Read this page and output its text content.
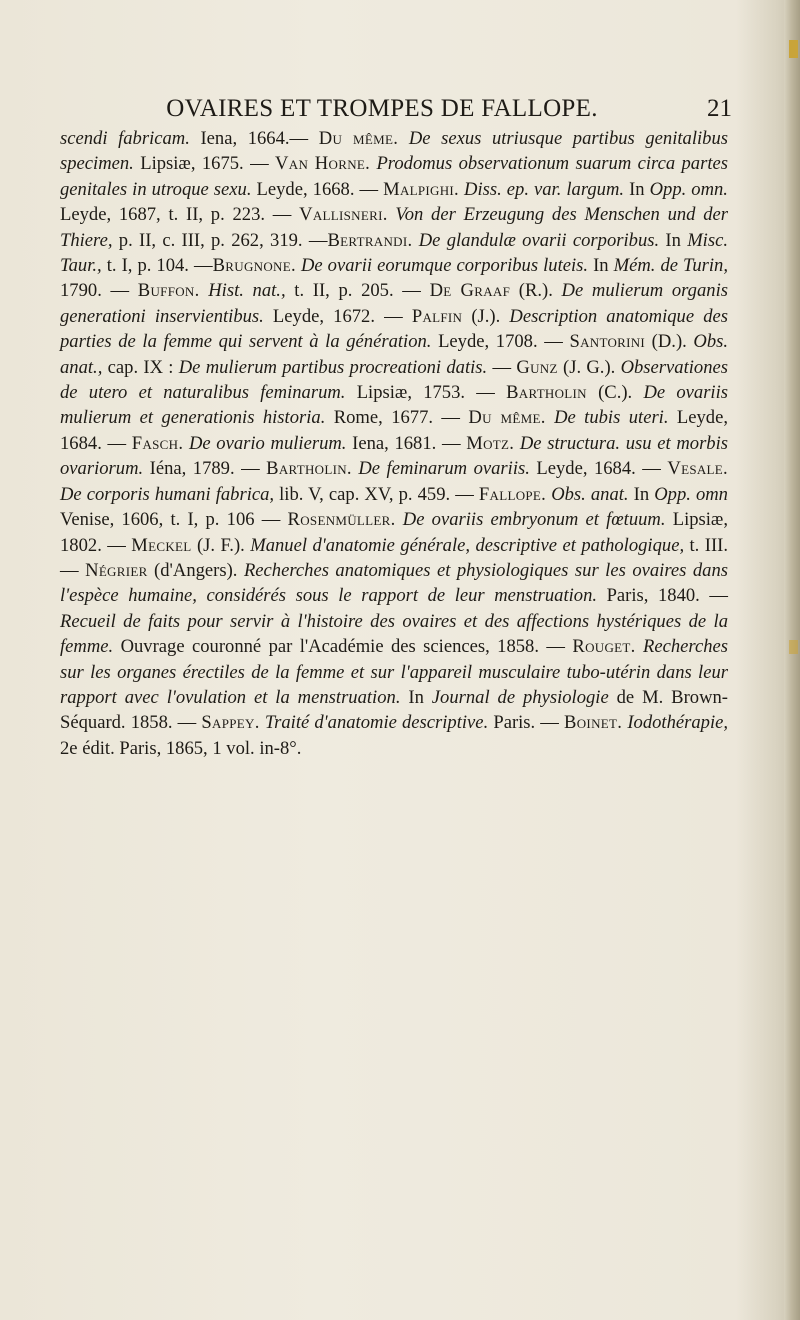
OVAIRES ET TROMPES DE FALLOPE.	21
scendi fabricam. Iena, 1664.— Du même. De sexus utriusque partibus genitalibus specimen. Lipsiæ, 1675. — Van Horne. Prodomus observationum suarum circa partes genitales in utroque sexu. Leyde, 1668. — Malpighi. Diss. ep. var. largum. In Opp. omn. Leyde, 1687, t. II, p. 223. — Vallisneri. Von der Erzeugung des Menschen und der Thiere, p. II, c. III, p. 262, 319. —Bertrandi. De glandulæ ovarii corporibus. In Misc. Taur., t. I, p. 104. —Brugnone. De ovarii eorumque corporibus luteis. In Mém. de Turin, 1790. — Buffon. Hist. nat., t. II, p. 205. — De Graaf (R.). De mulierum organis generationi inservientibus. Leyde, 1672. — Palfin (J.). Description anatomique des parties de la femme qui servent à la génération. Leyde, 1708. — Santorini (D.). Obs. anat., cap. IX : De mulierum partibus procreationi datis. — Gunz (J. G.). Observationes de utero et naturalibus feminarum. Lipsiæ, 1753. — Bartholin (C.). De ovariis mulierum et generationis historia. Rome, 1677. — Du même. De tubis uteri. Leyde, 1684. — Fasch. De ovario mulierum. Iena, 1681. — Motz. De structura. usu et morbis ovariorum. Iéna, 1789. — Bartholin. De feminarum ovariis. Leyde, 1684. — Vesale. De corporis humani fabrica, lib. V, cap. XV, p. 459. — Fallope. Obs. anat. In Opp. omn Venise, 1606, t. I, p. 106 — Rosenmüller. De ovariis embryonum et fœtuum. Lipsiæ, 1802. — Meckel (J. F.). Manuel d'anatomie générale, descriptive et pathologique, t. III. — Négrier (d'Angers). Recherches anatomiques et physiologiques sur les ovaires dans l'espèce humaine, considérés sous le rapport de leur menstruation. Paris, 1840. — Recueil de faits pour servir à l'histoire des ovaires et des affections hystériques de la femme. Ouvrage couronné par l'Académie des sciences, 1858. — Rouget. Recherches sur les organes érectiles de la femme et sur l'appareil musculaire tubo-utérin dans leur rapport avec l'ovulation et la menstruation. In Journal de physiologie de M. Brown-Séquard. 1858. — Sappey. Traité d'anatomie descriptive. Paris. — Boinet. Iodothérapie, 2e édit. Paris, 1865, 1 vol. in-8°.
